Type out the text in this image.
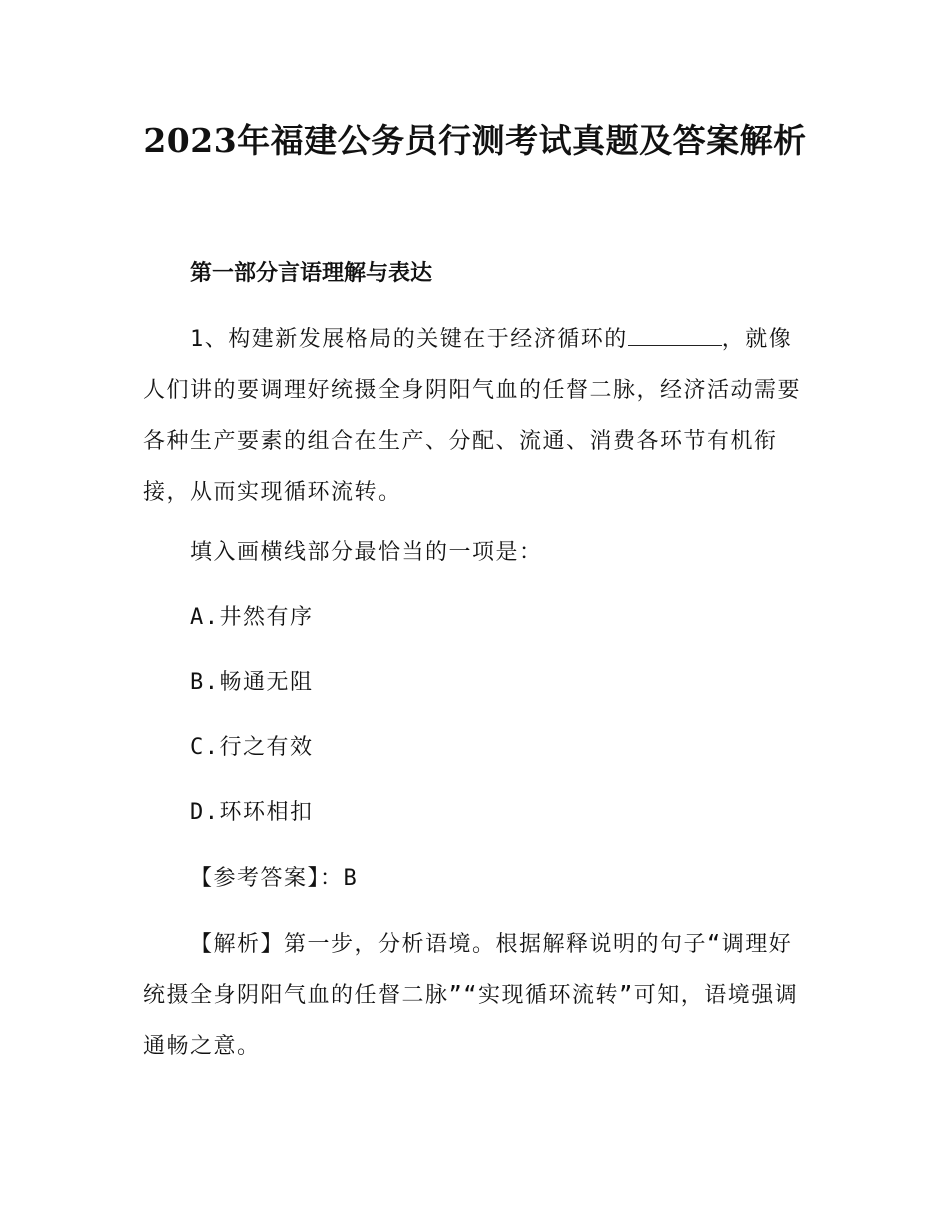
2023年福建公务员行测考试真题及答案解析
第一部分言语理解与表达

1、构建新发展格局的关键在于经济循环的	，就像人们讲的要调理好统摄全身阴阳气血的任督二脉，经济活动需要各种生产要素的组合在生产、分配、流通、消费各环节有机衔接，从而实现循环流转。

填入画横线部分最恰当的一项是：

A.井然有序

B.畅通无阻

C.行之有效

D.环环相扣

【参考答案】：B

【解析】第一步，分析语境。根据解释说明的句子“调理好统摄全身阴阳气血的任督二脉”“实现循环流转”可知，语境强调通畅之意。
